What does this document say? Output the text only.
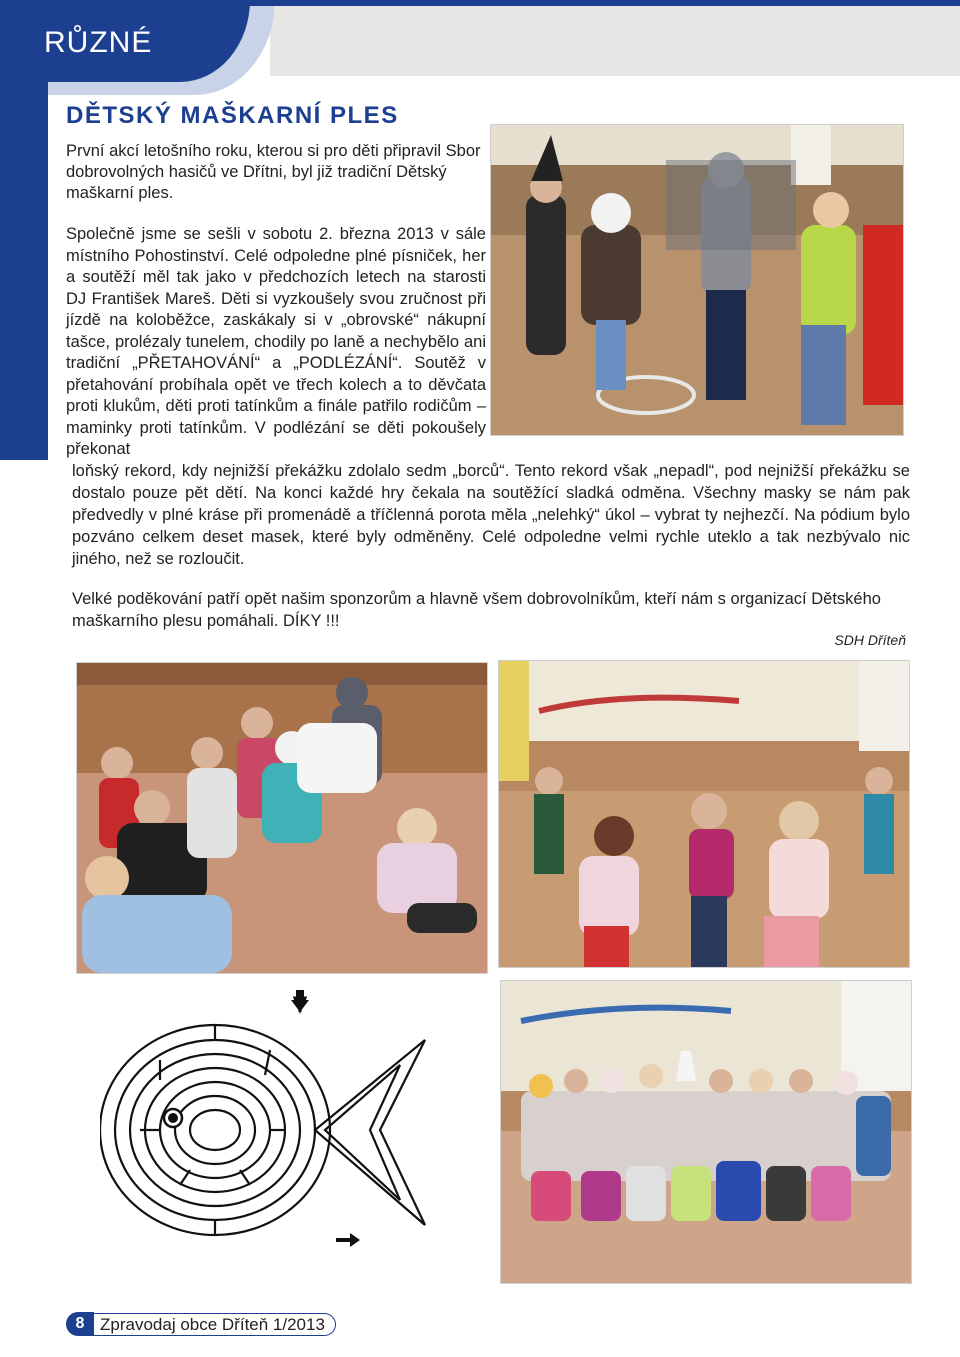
RŮZNÉ
DĚTSKÝ MAŠKARNÍ PLES
První akcí letošního roku, kterou si pro děti připravil Sbor dobrovolných hasičů ve Dřítni, byl již tradiční Dětský maškarní ples.
Společně jsme se sešli v sobotu 2. března 2013 v sále místního Pohostinství. Celé odpoledne plné písniček, her a soutěží měl tak jako v předchozích letech na starosti DJ František Mareš. Děti si vyzkoušely svou zručnost při jízdě na koloběžce, zaskákaly si v „obrovské“ nákupní tašce, prolézaly tunelem, chodily po laně a nechybělo ani tradiční „PŘETAHOVÁNÍ“ a „PODLÉZÁNÍ“. Soutěž v přetahování probíhala opět ve třech kolech a to děvčata proti klukům, děti proti tatínkům a finále patřilo rodičům – maminky proti tatínkům. V podlézání se děti pokoušely překonat
loňský rekord, kdy nejnižší překážku zdolalo sedm „borců“. Tento rekord však „nepadl“, pod nejnižší překážku se dostalo pouze pět dětí. Na konci každé hry čekala na soutěžící sladká odměna. Všechny masky se nám pak předvedly v plné kráse při promenádě a tříčlenná porota měla „nelehký“ úkol – vybrat ty nejhezčí. Na pódium bylo pozváno celkem deset masek, které byly odměněny. Celé odpoledne velmi rychle uteklo a tak nezbývalo nic jiného, než se rozloučit.
Velké poděkování patří opět našim sponzorům a hlavně všem dobrovolníkům, kteří nám s organizací Dětského maškarního plesu pomáhali. DÍKY !!!
SDH Dřítеň
8 Zpravodaj obce Dřítеň 1/2013
